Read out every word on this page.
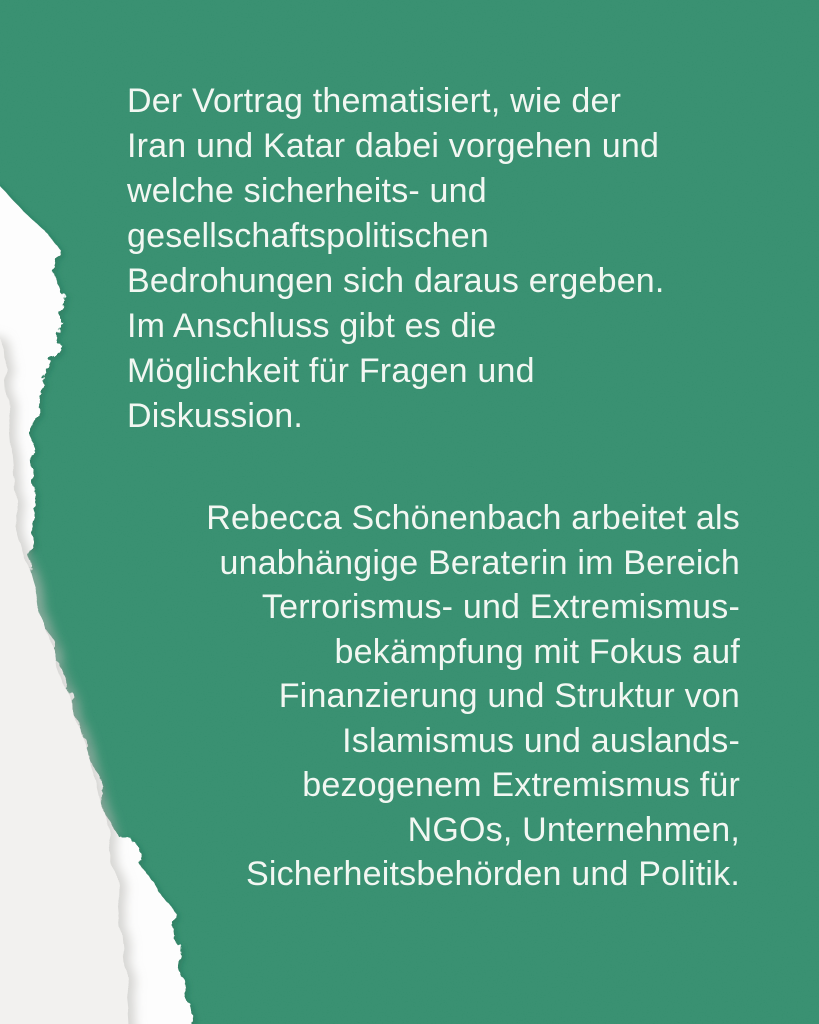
Der Vortrag thematisiert, wie der
Iran und Katar dabei vorgehen und
welche sicherheits- und
gesellschaftspolitischen
Bedrohungen sich daraus ergeben.
Im Anschluss gibt es die
Möglichkeit für Fragen und
Diskussion.
Rebecca Schönenbach arbeitet als
unabhängige Beraterin im Bereich
Terrorismus- und Extremismus-
bekämpfung mit Fokus auf
Finanzierung und Struktur von
Islamismus und auslands-
bezogenem Extremismus für
NGOs, Unternehmen,
Sicherheitsbehörden und Politik.
